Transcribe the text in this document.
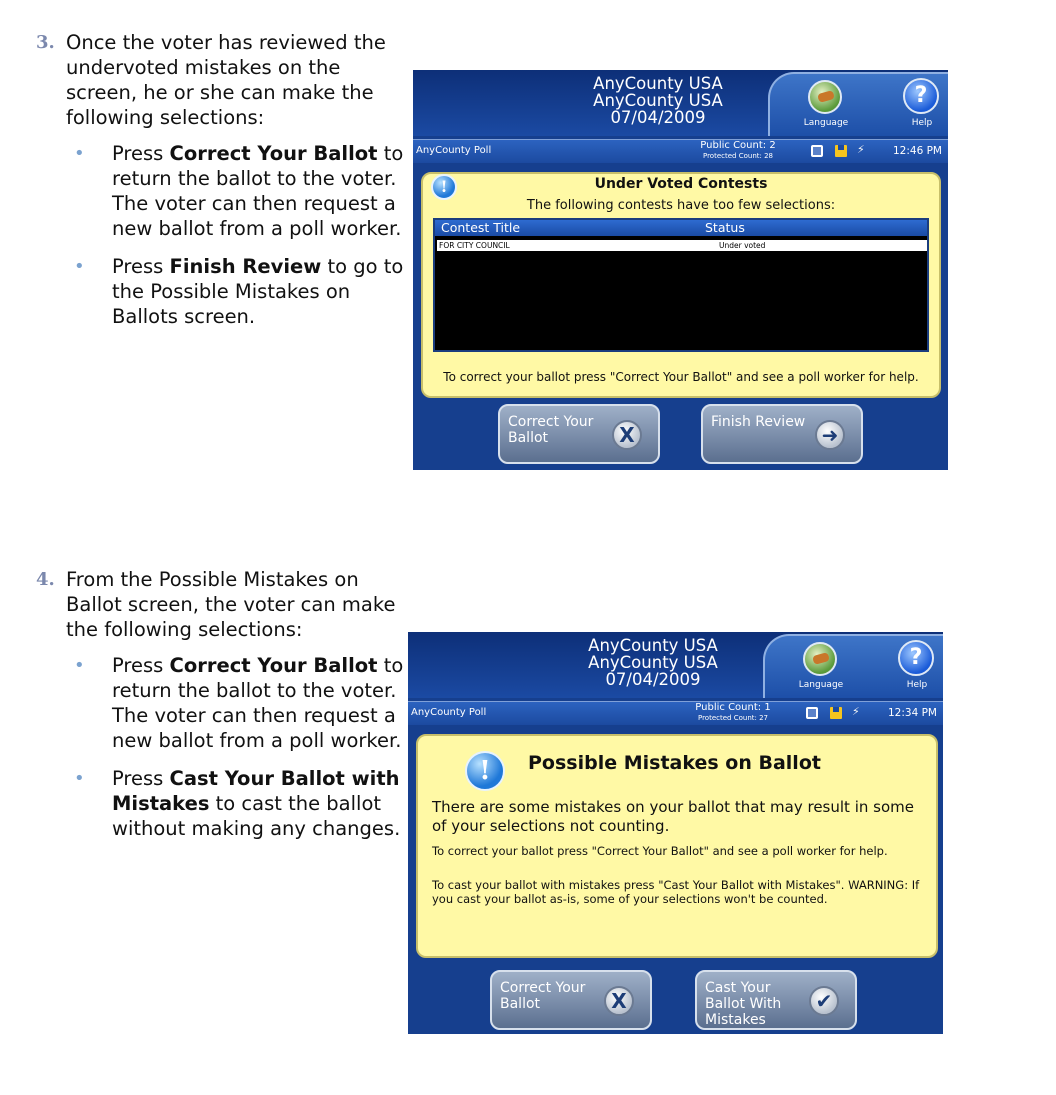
3. Once the voter has reviewed the undervoted mistakes on the screen, he or she can make the following selections:
•	Press Correct Your Ballot to return the ballot to the voter. The voter can then request a new ballot from a poll worker.
•	Press Finish Review to go to the Possible Mistakes on Ballots screen.
AnyCounty USA
AnyCounty USA
07/04/2009	Language
?
Help
AnyCounty Poll	Public Count: 2
Protected Count: 28	⚡	12:46 PM
!	Under Voted Contests
The following contests have too few selections:
Contest Title	Status
FOR CITY COUNCIL	Under voted
To correct your ballot press "Correct Your Ballot" and see a poll worker for help.
Correct Your Ballot	X
Finish Review
➜
4. From the Possible Mistakes on Ballot screen, the voter can make the following selections:
•	Press Correct Your Ballot to return the ballot to the voter. The voter can then request a new ballot from a poll worker.
•	Press Cast Your Ballot with Mistakes to cast the ballot without making any changes.
AnyCounty USA
AnyCounty USA
07/04/2009	Language
?
Help
AnyCounty Poll	Public Count: 1
Protected Count: 27	⚡	12:34 PM
!	Possible Mistakes on Ballot
There are some mistakes on your ballot that may result in some of your selections not counting.
To correct your ballot press "Correct Your Ballot" and see a poll worker for help.
To cast your ballot with mistakes press "Cast Your Ballot with Mistakes". WARNING: If you cast your ballot as-is, some of your selections won't be counted.
Correct Your Ballot	X
Cast Your Ballot With Mistakes
✔
